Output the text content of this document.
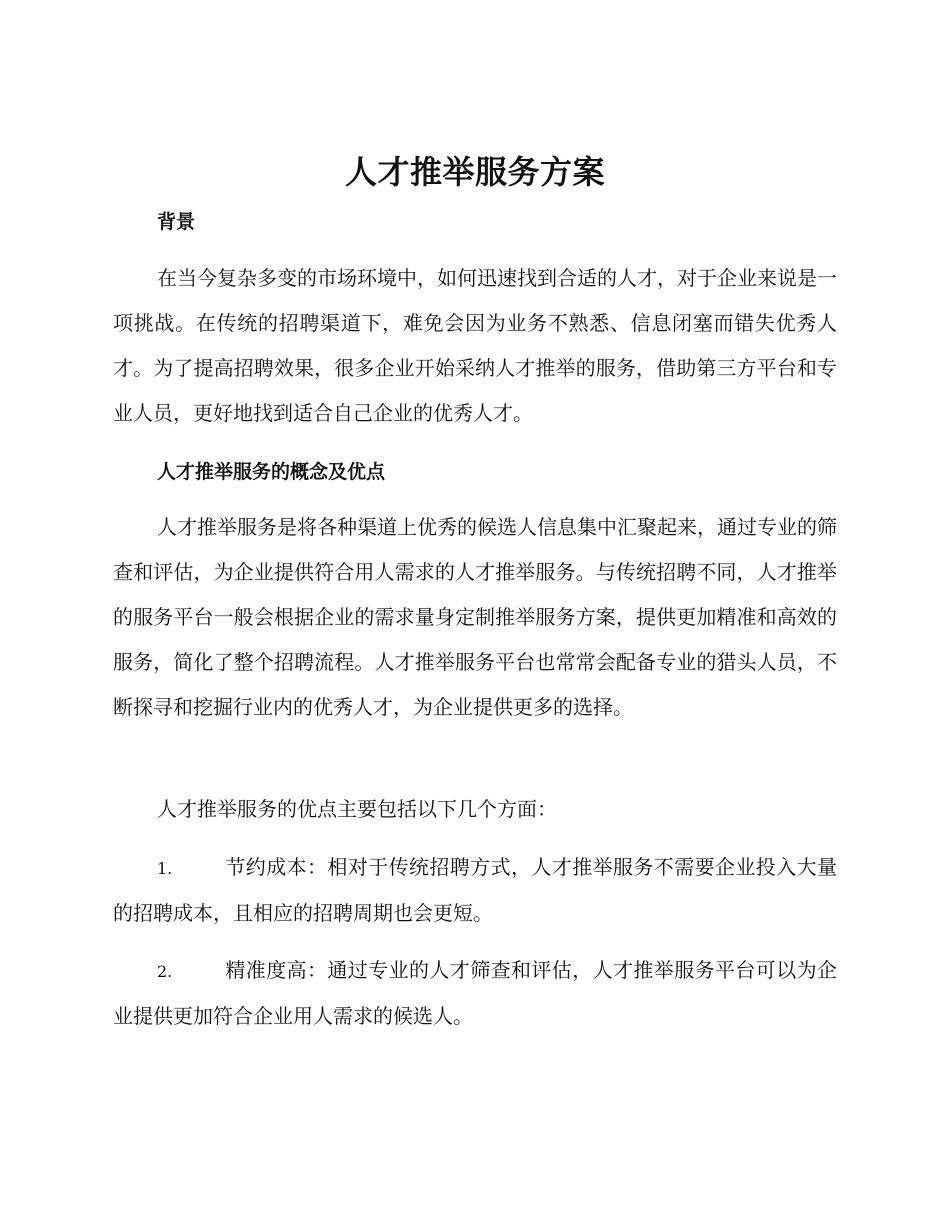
人才推举服务方案
背景

在当今复杂多变的市场环境中，如何迅速找到合适的人才，对于企业来说是一项挑战。在传统的招聘渠道下，难免会因为业务不熟悉、信息闭塞而错失优秀人才。为了提高招聘效果，很多企业开始采纳人才推举的服务，借助第三方平台和专业人员，更好地找到适合自己企业的优秀人才。

人才推举服务的概念及优点

人才推举服务是将各种渠道上优秀的候选人信息集中汇聚起来，通过专业的筛查和评估，为企业提供符合用人需求的人才推举服务。与传统招聘不同，人才推举的服务平台一般会根据企业的需求量身定制推举服务方案，提供更加精准和高效的服务，简化了整个招聘流程。人才推举服务平台也常常会配备专业的猎头人员，不断探寻和挖掘行业内的优秀人才，为企业提供更多的选择。

人才推举服务的优点主要包括以下几个方面：

1.	节约成本：相对于传统招聘方式，人才推举服务不需要企业投入大量的招聘成本，且相应的招聘周期也会更短。
2.	精准度高：通过专业的人才筛查和评估，人才推举服务平台可以为企业提供更加符合企业用人需求的候选人。
